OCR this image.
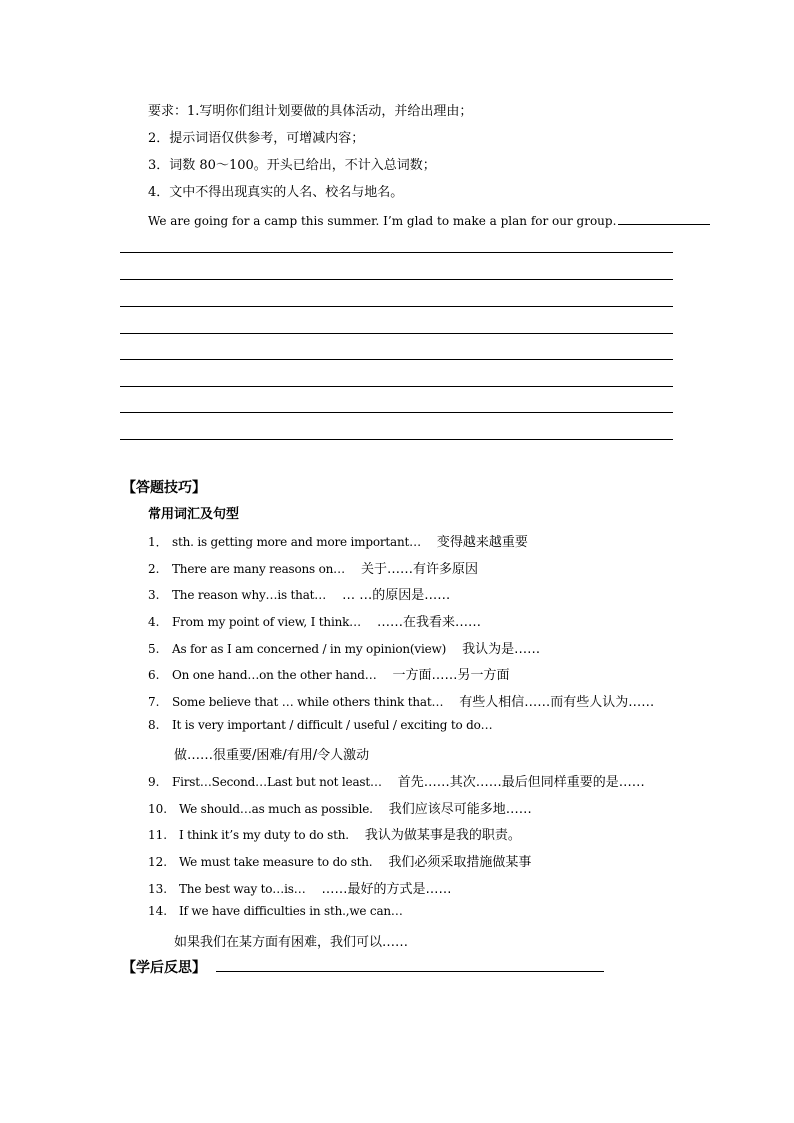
要求：1.写明你们组计划要做的具体活动，并给出理由；
2．提示词语仅供参考，可增减内容；
3．词数 80～100。开头已给出，不计入总词数；
4．文中不得出现真实的人名、校名与地名。
We are going for a camp this summer. I’m glad to make a plan for our group.
【答题技巧】
常用词汇及句型
1． sth. is getting more and more important… 变得越来越重要
2. There are many reasons on… 关于……有许多原因
3. The reason why…is that… … …的原因是……
4. From my point of view, I think… ……在我看来……
5. As for as I am concerned / in my opinion(view) 我认为是……
6. On one hand…on the other hand… 一方面……另一方面
7. Some believe that … while others think that… 有些人相信……而有些人认为……
8. It is very important / difficult / useful / exciting to do…
做……很重要/困难/有用/令人激动
9. First…Second…Last but not least… 首先……其次……最后但同样重要的是……
10. We should…as much as possible. 我们应该尽可能多地……
11. I think it’s my duty to do sth. 我认为做某事是我的职责。
12. We must take measure to do sth. 我们必须采取措施做某事
13. The best way to…is… ……最好的方式是……
14. If we have difficulties in sth.,we can…
如果我们在某方面有困难，我们可以……
【学后反思】
